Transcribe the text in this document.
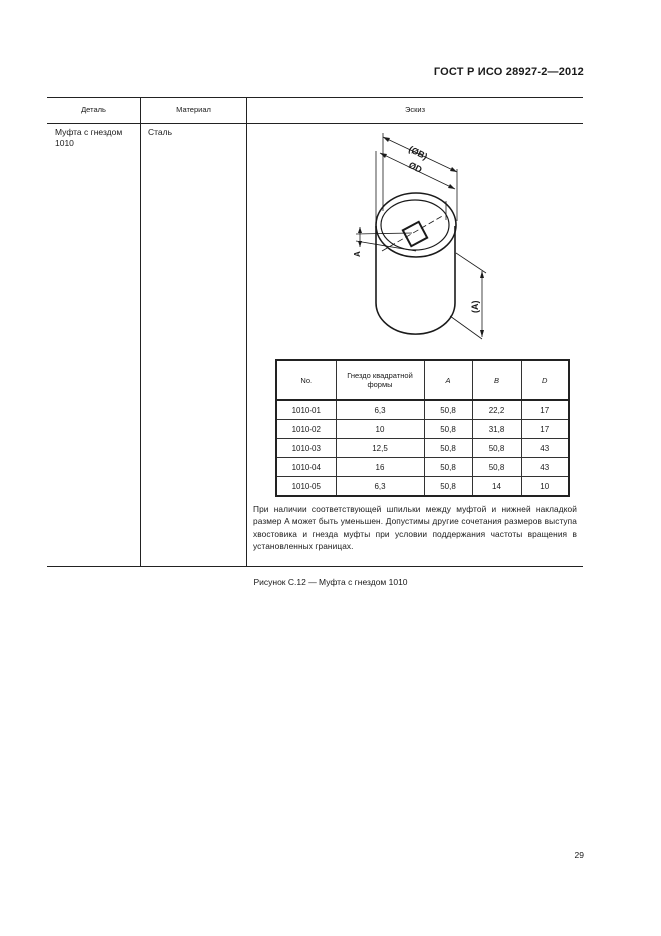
ГОСТ Р ИСО 28927-2—2012
Деталь	Материал	Эскиз
Муфта с гнездом 1010
Сталь
(ØB)
ØD
(A)
A
No.	Гнездо квадратной формы	A	B	D
1010-01	6,3	50,8	22,2	17
1010-02	10	50,8	31,8	17
1010-03	12,5	50,8	50,8	43
1010-04	16	50,8	50,8	43
1010-05	6,3	50,8	14	10
При наличии соответствующей шпильки между муфтой и нижней накладкой размер A может быть уменьшен. Допустимы другие сочетания размеров выступа хвостовика и гнезда муфты при условии поддержания частоты вращения в установленных границах.
Рисунок С.12 — Муфта с гнездом 1010
29
